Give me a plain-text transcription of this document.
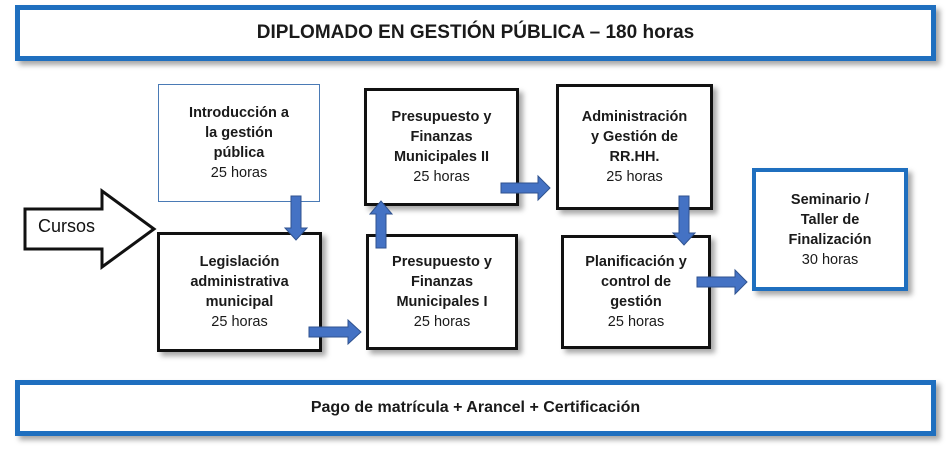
DIPLOMADO EN GESTIÓN PÚBLICA – 180 horas
Cursos
Introducción a
la gestión
pública
25 horas
Legislación
administrativa
municipal
25 horas
Presupuesto y
Finanzas
Municipales II
25 horas
Presupuesto y
Finanzas
Municipales I
25 horas
Administración
y Gestión de
RR.HH.
25 horas
Planificación y
control de
gestión
25 horas
Seminario /
Taller de
Finalización
30 horas
Pago de matrícula + Arancel + Certificación
